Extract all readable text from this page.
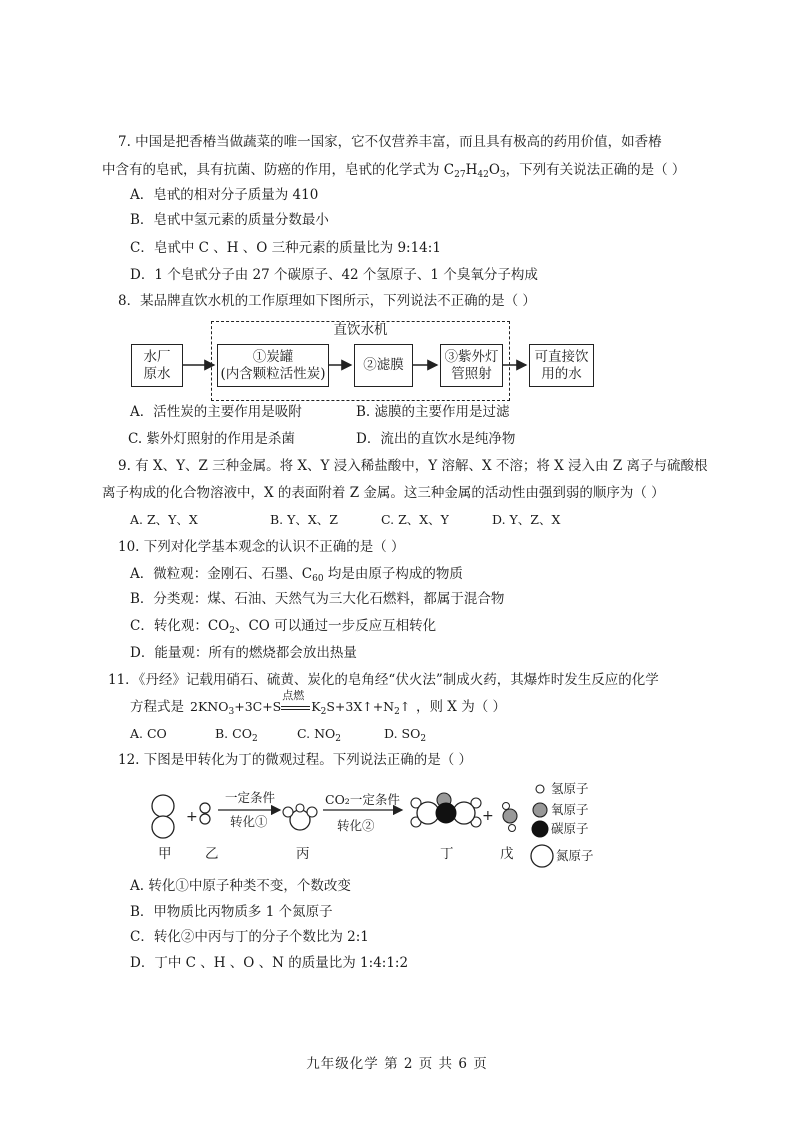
7. 中国是把香椿当做蔬菜的唯一国家，它不仅营养丰富，而且具有极高的药用价值，如香椿
中含有的皂甙，具有抗菌、防癌的作用，皂甙的化学式为 $C_{27}H_{42}O_3$，下列有关说法正确的是（ ）
A．皂甙的相对分子质量为 410
B．皂甙中氢元素的质量分数最小
C．皂甙中 C 、H 、O 三种元素的质量比为 9:14:1
D．1 个皂甙分子由 27 个碳原子、42 个氢原子、1 个臭氧分子构成
8．某品牌直饮水机的工作原理如下图所示，下列说法不正确的是（ ）
直饮水机
水厂
原水
①炭罐
(内含颗粒活性炭)
②滤膜	③紫外灯
管照射
可直接饮
用的水
A．活性炭的主要作用是吸附	B. 滤膜的主要作用是过滤
C. 紫外灯照射的作用是杀菌	D．流出的直饮水是纯净物
9. 有 X、Y、Z 三种金属。将 X、Y 浸入稀盐酸中，Y 溶解、X 不溶；将 X 浸入由 Z 离子与硫酸根
离子构成的化合物溶液中，X 的表面附着 Z 金属。这三种金属的活动性由强到弱的顺序为（ ）
A. Z、Y、X	B. Y、X、Z	C. Z、X、Y	D. Y、Z、X
10. 下列对化学基本观念的认识不正确的是（ ）
A．微粒观：金刚石、石墨、$C_{60}$ 均是由原子构成的物质
B．分类观：煤、石油、天然气为三大化石燃料，都属于混合物
C．转化观：$CO_2$、CO 可以通过一步反应互相转化
D．能量观：所有的燃烧都会放出热量
11．《丹经》记载用硝石、硫黄、炭化的皂角经“伏火法”制成火药，其爆炸时发生反应的化学
方程式是 $2KNO_3+3C+S$
点燃
$K_2S+3X↑+N_2↑$ ，则 X 为（ ）
A. CO	B. $CO_2$	C. $NO_2$	D. $SO_2$
12. 下图是甲转化为丁的微观过程。下列说法正确的是（ ）
+	+
一定条件
转化①
CO₂一定条件
转化②
甲 乙	丙	丁	戊
氢原子
氧原子
碳原子
氮原子
A. 转化①中原子种类不变，个数改变
B．甲物质比丙物质多 1 个氮原子
C．转化②中丙与丁的分子个数比为 2:1
D．丁中 C 、H 、O 、N 的质量比为 1:4:1:2
九年级化学 第 2 页 共 6 页
